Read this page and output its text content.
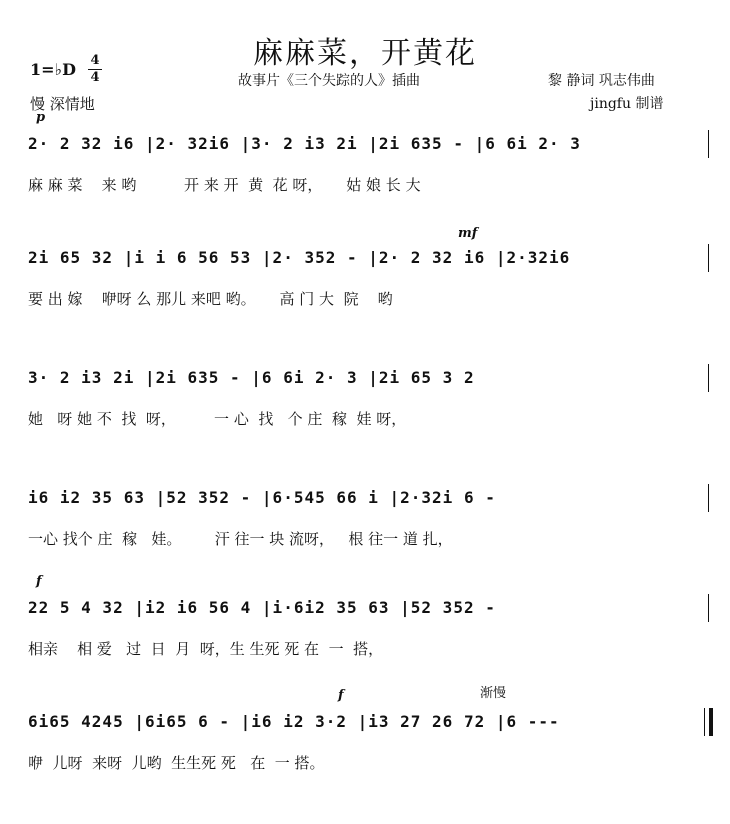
麻麻菜，开黄花
1=♭D 4
4
慢 深情地
故事片《三个失踪的人》插曲	黎 静词 巩志伟曲
jingfu 制谱
p
2· 2 32 i6 |2· 32i6 |3· 2 i3 2i |2i 635 - |6 6i 2· 3
麻 麻 菜    来 哟          开 来 开  黄  花 呀，     姑 娘 长 大
mf
2i 65 32 |i i 6 56 53 |2· 352 - |2· 2 32 i6 |2·32i6
要 出 嫁    咿呀 么 那儿 来吧 哟。     高 门 大  院    哟
3· 2 i3 2i |2i 635 - |6 6i 2· 3 |2i 65 3 2
她   呀 她 不  找  呀，        一 心  找   个 庄  稼  娃 呀，
i6 i2 35 63 |52 352 - |6·545 66 i |2·32i 6 -
一心 找个 庄  稼   娃。       汗 往一 块 流呀，   根 往一 道 扎，
f
22 5 4 32 |i2 i6 56 4 |i·6i2 35 63 |52 352 -
相亲    相 爱   过  日  月  呀，生 生死 死 在  一  搭，
f	渐慢
6i65 4245 |6i65 6 - |i6 i2 3·2 |i3 27 26 72 |6 ---
咿  儿呀  来呀  儿哟  生生死 死   在  一 搭。
